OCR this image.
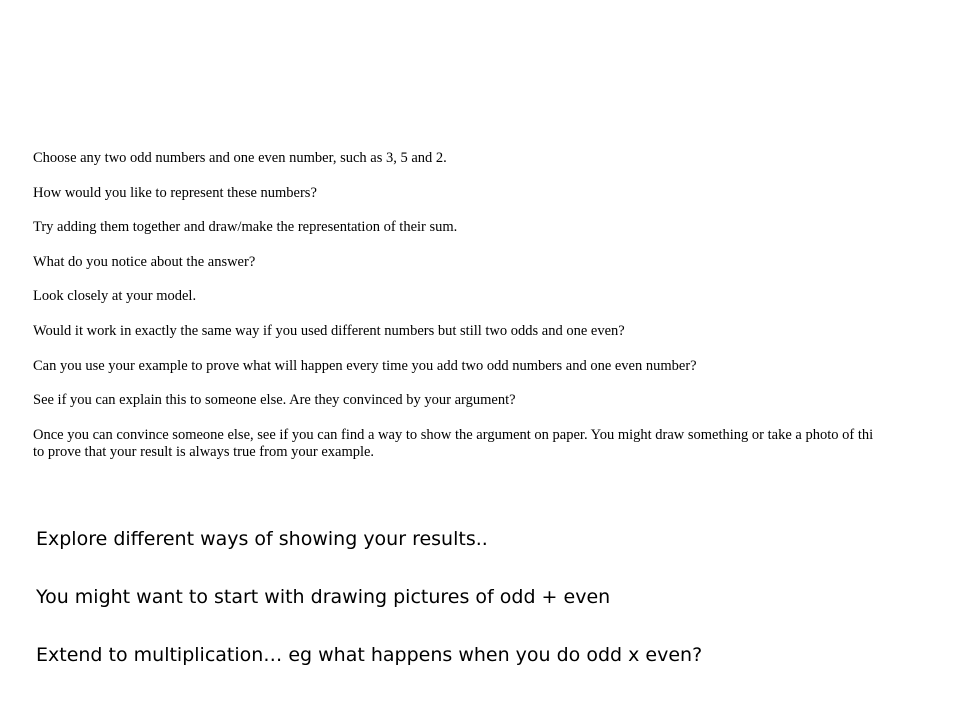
Choose any two odd numbers and one even number, such as 3, 5 and 2.

How would you like to represent these numbers?

Try adding them together and draw/make the representation of their sum.

What do you notice about the answer?

Look closely at your model.

Would it work in exactly the same way if you used different numbers but still two odds and one even?

Can you use your example to prove what will happen every time you add two odd numbers and one even number?

See if you can explain this to someone else. Are they convinced by your argument?

Once you can convince someone else, see if you can find a way to show the argument on paper. You might draw something or take a photo of thi

to prove that your result is always true from your example.

Explore different ways of showing your results..

You might want to start with drawing pictures of odd + even

Extend to multiplication… eg what happens when you do odd x even?
